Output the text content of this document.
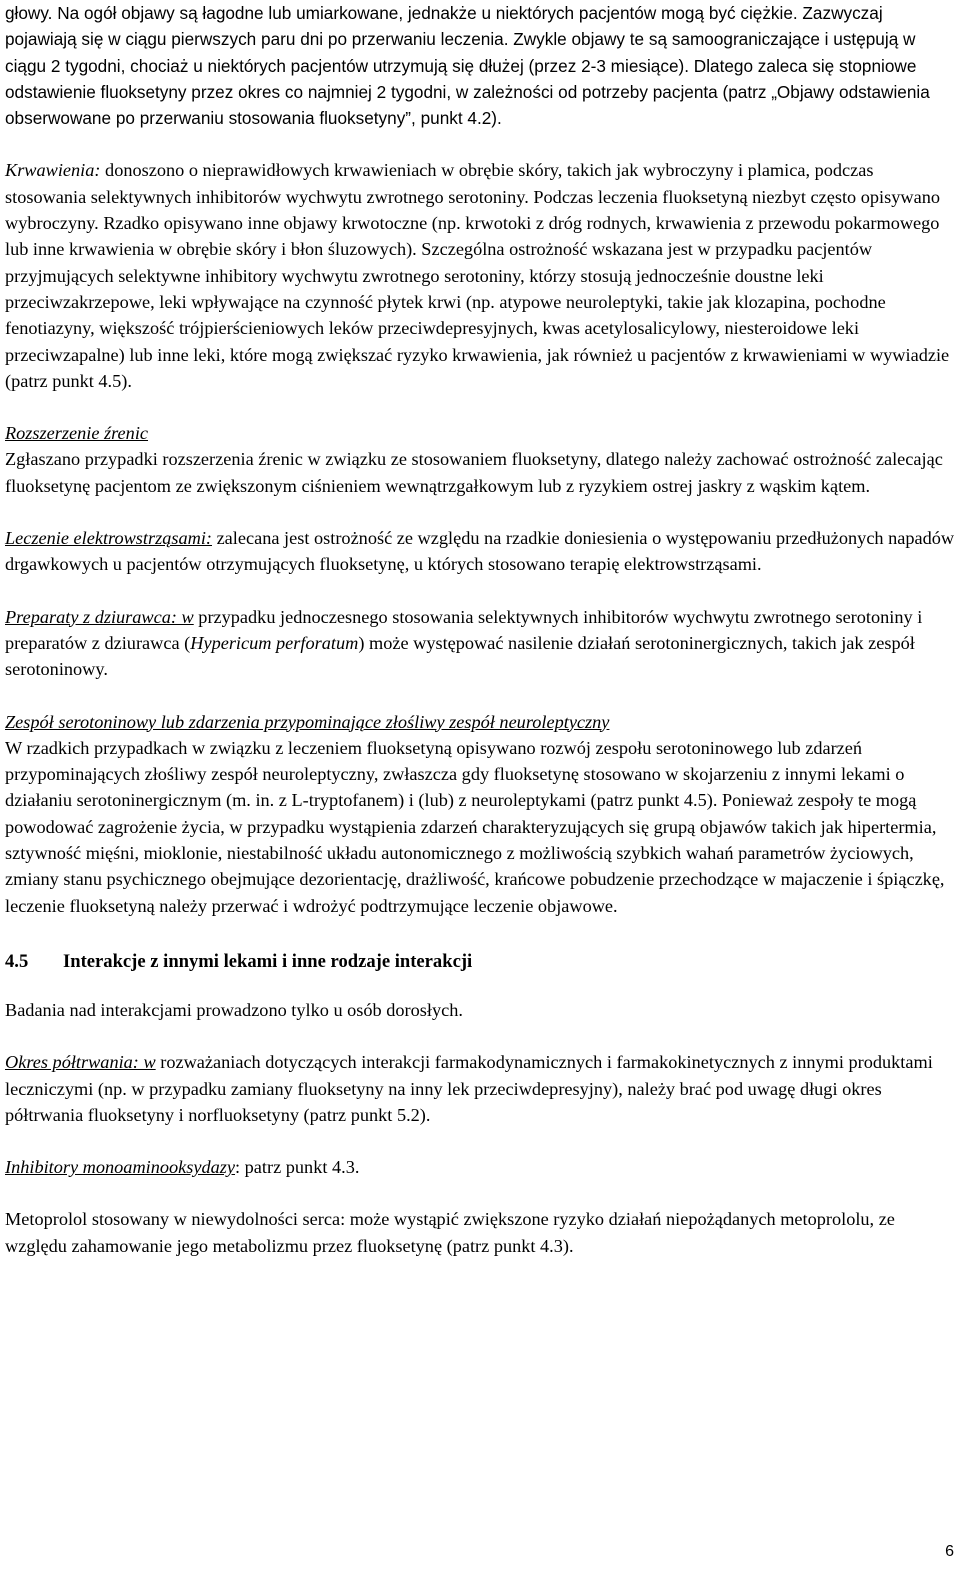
głowy. Na ogół objawy są łagodne lub umiarkowane, jednakże u niektórych pacjentów mogą być ciężkie. Zazwyczaj pojawiają się w ciągu pierwszych paru dni po przerwaniu leczenia. Zwykle objawy te są samoograniczające i ustępują w ciągu 2 tygodni, chociaż u niektórych pacjentów utrzymują się dłużej (przez 2-3 miesiące). Dlatego zaleca się stopniowe odstawienie fluoksetyny przez okres co najmniej 2 tygodni, w zależności od potrzeby pacjenta (patrz „Objawy odstawienia obserwowane po przerwaniu stosowania fluoksetyny”, punkt 4.2).

Krwawienia: donoszono o nieprawidłowych krwawieniach w obrębie skóry, takich jak wybroczyny i plamica, podczas stosowania selektywnych inhibitorów wychwytu zwrotnego serotoniny. Podczas leczenia fluoksetyną niezbyt często opisywano wybroczyny. Rzadko opisywano inne objawy krwotoczne (np. krwotoki z dróg rodnych, krwawienia z przewodu pokarmowego lub inne krwawienia w obrębie skóry i błon śluzowych). Szczególna ostrożność wskazana jest w przypadku pacjentów przyjmujących selektywne inhibitory wychwytu zwrotnego serotoniny, którzy stosują jednocześnie doustne leki przeciwzakrzepowe, leki wpływające na czynność płytek krwi (np. atypowe neuroleptyki, takie jak klozapina, pochodne fenotiazyny, większość trójpierścieniowych leków przeciwdepresyjnych, kwas acetylosalicylowy, niesteroidowe leki przeciwzapalne) lub inne leki, które mogą zwiększać ryzyko krwawienia, jak również u pacjentów z krwawieniami w wywiadzie (patrz punkt 4.5).

Rozszerzenie źrenic

Zgłaszano przypadki rozszerzenia źrenic w związku ze stosowaniem fluoksetyny, dlatego należy zachować ostrożność zalecając fluoksetynę pacjentom ze zwiększonym ciśnieniem wewnątrzgałkowym lub z ryzykiem ostrej jaskry z wąskim kątem.

Leczenie elektrowstrząsami: zalecana jest ostrożność ze względu na rzadkie doniesienia o występowaniu przedłużonych napadów drgawkowych u pacjentów otrzymujących fluoksetynę, u których stosowano terapię elektrowstrząsami.

Preparaty z dziurawca: w przypadku jednoczesnego stosowania selektywnych inhibitorów wychwytu zwrotnego serotoniny i preparatów z dziurawca (Hypericum perforatum) może występować nasilenie działań serotoninergicznych, takich jak zespół serotoninowy.

Zespół serotoninowy lub zdarzenia przypominające złośliwy zespół neuroleptyczny

W rzadkich przypadkach w związku z leczeniem fluoksetyną opisywano rozwój zespołu serotoninowego lub zdarzeń przypominających złośliwy zespół neuroleptyczny, zwłaszcza gdy fluoksetynę stosowano w skojarzeniu z innymi lekami o działaniu serotoninergicznym (m. in. z L-tryptofanem) i (lub) z neuroleptykami (patrz punkt 4.5). Ponieważ zespoły te mogą powodować zagrożenie życia, w przypadku wystąpienia zdarzeń charakteryzujących się grupą objawów takich jak hipertermia, sztywność mięśni, mioklonie, niestabilność układu autonomicznego z możliwością szybkich wahań parametrów życiowych, zmiany stanu psychicznego obejmujące dezorientację, drażliwość, krańcowe pobudzenie przechodzące w majaczenie i śpiączkę, leczenie fluoksetyną należy przerwać i wdrożyć podtrzymujące leczenie objawowe.

4.5 Interakcje z innymi lekami i inne rodzaje interakcji

Badania nad interakcjami prowadzono tylko u osób dorosłych.

Okres półtrwania: w rozważaniach dotyczących interakcji farmakodynamicznych i farmakokinetycznych z innymi produktami leczniczymi (np. w przypadku zamiany fluoksetyny na inny lek przeciwdepresyjny), należy brać pod uwagę długi okres półtrwania fluoksetyny i norfluoksetyny (patrz punkt 5.2).

Inhibitory monoaminooksydazy: patrz punkt 4.3.

Metoprolol stosowany w niewydolności serca: może wystąpić zwiększone ryzyko działań niepożądanych metoprololu, ze względu zahamowanie jego metabolizmu przez fluoksetynę (patrz punkt 4.3).

6
